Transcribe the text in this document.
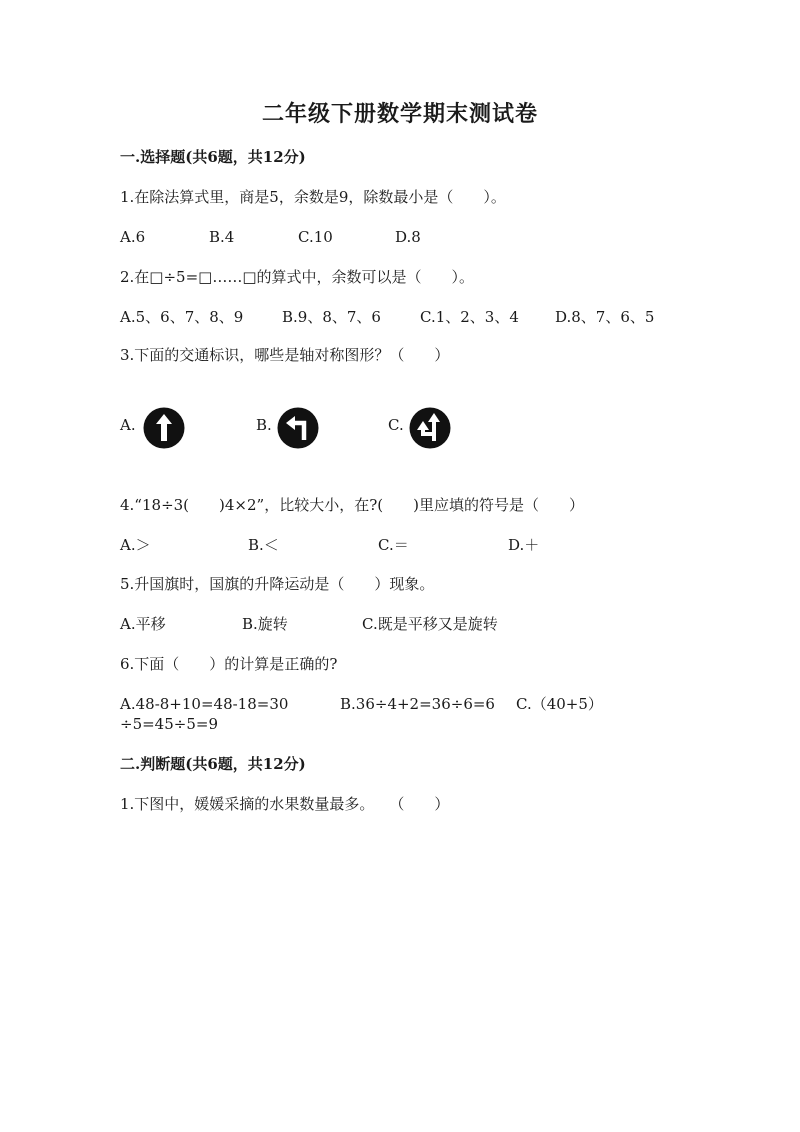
二年级下册数学期末测试卷
一.选择题(共6题，共12分)
1.在除法算式里，商是5，余数是9，除数最小是（　　）。
A.6	B.4	C.10	D.8
2.在□÷5=□……□的算式中，余数可以是（　　）。
A.5、6、7、8、9	B.9、8、7、6	C.1、2、3、4 D.8、7、6、5
3.下面的交通标识，哪些是轴对称图形？（　　）
A.	B.	C.
4.“18÷3(　　)4×2”，比较大小，在?(　　)里应填的符号是（　　）
A.＞	B.＜	C.＝	D.＋
5.升国旗时，国旗的升降运动是（　　）现象。
A.平移	B.旋转	C.既是平移又是旋转
6.下面（　　）的计算是正确的?
A.48-8+10=48-18=30	B.36÷4+2=36÷6=6 C.（40+5）
÷5=45÷5=9
二.判断题(共6题，共12分)
1.下图中，媛媛采摘的水果数量最多。　　（　　）
